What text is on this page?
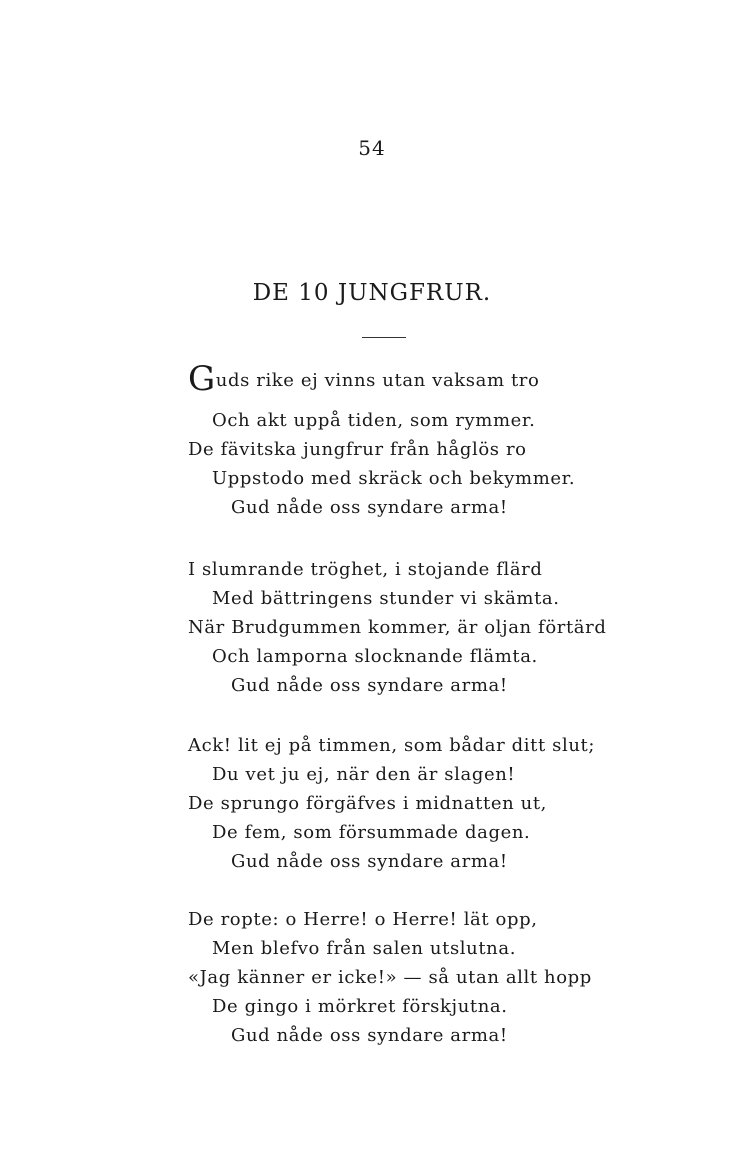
54
DE 10 JUNGFRUR.
Guds rike ej vinns utan vaksam tro
Och akt uppå tiden, som rymmer.
De fävitska jungfrur från håglös ro
Uppstodo med skräck och bekymmer.
Gud nåde oss syndare arma!
I slumrande tröghet, i stojande flärd
Med bättringens stunder vi skämta.
När Brudgummen kommer, är oljan förtärd
Och lamporna slocknande flämta.
Gud nåde oss syndare arma!
Ack! lit ej på timmen, som bådar ditt slut;
Du vet ju ej, när den är slagen!
De sprungo förgäfves i midnatten ut,
De fem, som försummade dagen.
Gud nåde oss syndare arma!
De ropte: o Herre! o Herre! lät opp,
Men blefvo från salen utslutna.
«Jag känner er icke!» — så utan allt hopp
De gingo i mörkret förskjutna.
Gud nåde oss syndare arma!
